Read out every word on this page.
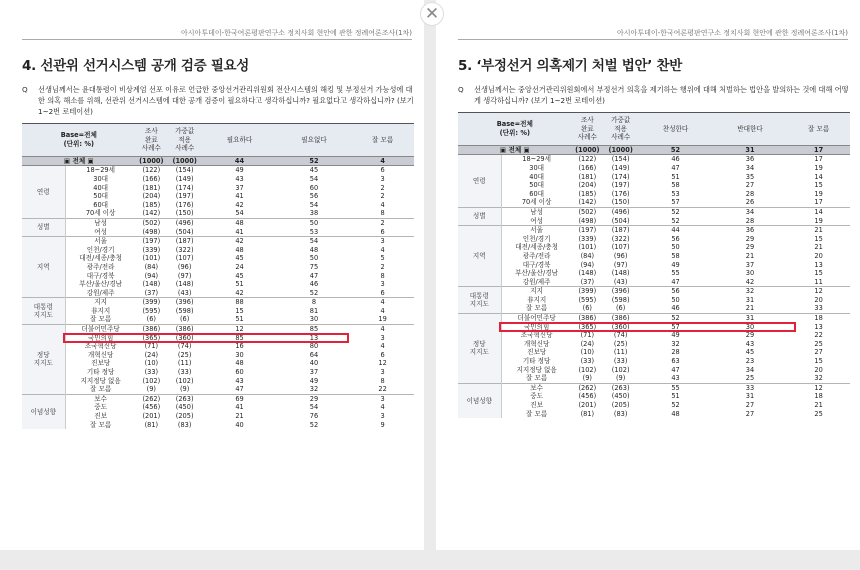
아시아투데이-한국여론평판연구소 정치사회 현안에 관한 정례여론조사(1차)
4. 선관위 선거시스템 공개 검증 필요성
Q	선생님께서는 윤대통령이 비상계엄 선포 이유로 언급한 중앙선거관리위원회 전산시스템의 해킹 및 부정선거 가능성에 대한 의혹 해소를 위해, 선관위 선거시스템에 대한 공개 검증이 필요하다고 생각하십니까? 필요없다고 생각하십니까? (보기 1~2번 로테이션)
Base=전체
(단위: %)		조사
완료
사례수	가중값
적용
사례수	필요하다	필요없다	잘 모름
▣ 전체 ▣		(1000)	(1000)	44	52	4
연령	18~29세	(122)	(154)	49	45	6
	30대	(166)	(149)	43	54	3
	40대	(181)	(174)	37	60	2
	50대	(204)	(197)	41	56	2
	60대	(185)	(176)	42	54	4
	70세 이상	(142)	(150)	54	38	8
성별	남성	(502)	(496)	48	50	2
	여성	(498)	(504)	41	53	6
지역	서울	(197)	(187)	42	54	3
	인천/경기	(339)	(322)	48	48	4
	대전/세종/충청	(101)	(107)	45	50	5
	광주/전라	(84)	(96)	24	75	2
	대구/경북	(94)	(97)	45	47	8
	부산/울산/경남	(148)	(148)	51	46	3
	강원/제주	(37)	(43)	42	52	6
대통령
지지도	지지	(399)	(396)	88	8	4
	非지지	(595)	(598)	15	81	4
	잘 모름	(6)	(6)	51	30	19
정당
지지도	더불어민주당	(386)	(386)	12	85	4
	국민의힘	(365)	(360)	85	13	3
	조국혁신당	(71)	(74)	16	80	4
	개혁신당	(24)	(25)	30	64	6
	진보당	(10)	(11)	48	40	12
	기타 정당	(33)	(33)	60	37	3
	지지정당 없음	(102)	(102)	43	49	8
	잘 모름	(9)	(9)	47	32	22
이념성향	보수	(262)	(263)	69	29	3
	중도	(456)	(450)	41	54	4
	진보	(201)	(205)	21	76	3
	잘 모름	(81)	(83)	40	52	9
아시아투데이-한국여론평판연구소 정치사회 현안에 관한 정례여론조사(1차)
5. ‘부정선거 의혹제기 처벌 법안’ 찬반
Q	선생님께서는 중앙선거관리위원회에서 부정선거 의혹을 제기하는 행위에 대해 처벌하는 법안을 발의하는 것에 대해 어떻게 생각하십니까? (보기 1~2번 로테이션)
Base=전체
(단위: %)		조사
완료
사례수	가중값
적용
사례수	찬성한다	반대한다	잘 모름
▣ 전체 ▣		(1000)	(1000)	52	31	17
연령	18~29세	(122)	(154)	46	36	17
	30대	(166)	(149)	47	34	19
	40대	(181)	(174)	51	35	14
	50대	(204)	(197)	58	27	15
	60대	(185)	(176)	53	28	19
	70세 이상	(142)	(150)	57	26	17
성별	남성	(502)	(496)	52	34	14
	여성	(498)	(504)	52	28	19
지역	서울	(197)	(187)	44	36	21
	인천/경기	(339)	(322)	56	29	15
	대전/세종/충청	(101)	(107)	50	29	21
	광주/전라	(84)	(96)	58	21	20
	대구/경북	(94)	(97)	49	37	13
	부산/울산/경남	(148)	(148)	55	30	15
	강원/제주	(37)	(43)	47	42	11
대통령
지지도	지지	(399)	(396)	56	32	12
	非지지	(595)	(598)	50	31	20
	잘 모름	(6)	(6)	46	21	33
정당
지지도	더불어민주당	(386)	(386)	52	31	18
	국민의힘	(365)	(360)	57	30	13
	조국혁신당	(71)	(74)	49	29	22
	개혁신당	(24)	(25)	32	43	25
	진보당	(10)	(11)	28	45	27
	기타 정당	(33)	(33)	63	23	15
	지지정당 없음	(102)	(102)	47	34	20
	잘 모름	(9)	(9)	43	25	32
이념성향	보수	(262)	(263)	55	33	12
	중도	(456)	(450)	51	31	18
	진보	(201)	(205)	52	27	21
	잘 모름	(81)	(83)	48	27	25
✕
